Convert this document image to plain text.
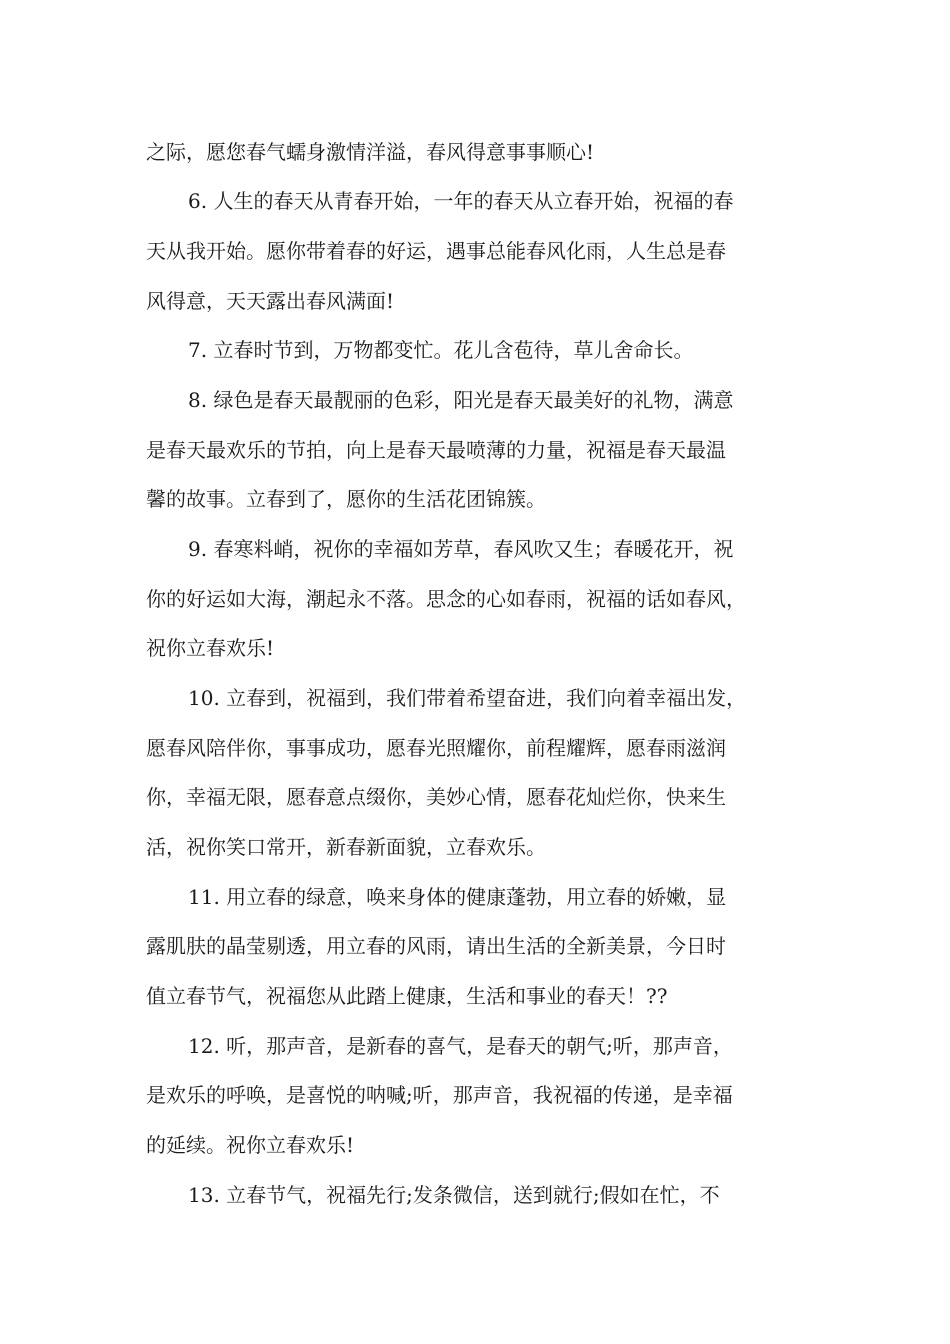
之际，愿您春气蠕身激情洋溢，春风得意事事顺心!
6. 人生的春天从青春开始，一年的春天从立春开始，祝福的春
天从我开始。愿你带着春的好运，遇事总能春风化雨，人生总是春
风得意，天天露出春风满面!
7. 立春时节到，万物都变忙。花儿含苞待，草儿舍命长。
8. 绿色是春天最靓丽的色彩，阳光是春天最美好的礼物，满意
是春天最欢乐的节拍，向上是春天最喷薄的力量，祝福是春天最温
馨的故事。立春到了，愿你的生活花团锦簇。
9. 春寒料峭，祝你的幸福如芳草，春风吹又生；春暖花开，祝
你的好运如大海，潮起永不落。思念的心如春雨，祝福的话如春风，
祝你立春欢乐!
10. 立春到，祝福到，我们带着希望奋进，我们向着幸福出发，
愿春风陪伴你，事事成功，愿春光照耀你，前程耀辉，愿春雨滋润
你，幸福无限，愿春意点缀你，美妙心情，愿春花灿烂你，快来生
活，祝你笑口常开，新春新面貌，立春欢乐。
11. 用立春的绿意，唤来身体的健康蓬勃，用立春的娇嫩，显
露肌肤的晶莹剔透，用立春的风雨，请出生活的全新美景，今日时
值立春节气，祝福您从此踏上健康，生活和事业的春天！??
12. 听，那声音，是新春的喜气，是春天的朝气;听，那声音，
是欢乐的呼唤，是喜悦的呐喊;听，那声音，我祝福的传递，是幸福
的延续。祝你立春欢乐!
13. 立春节气，祝福先行;发条微信，送到就行;假如在忙，不
